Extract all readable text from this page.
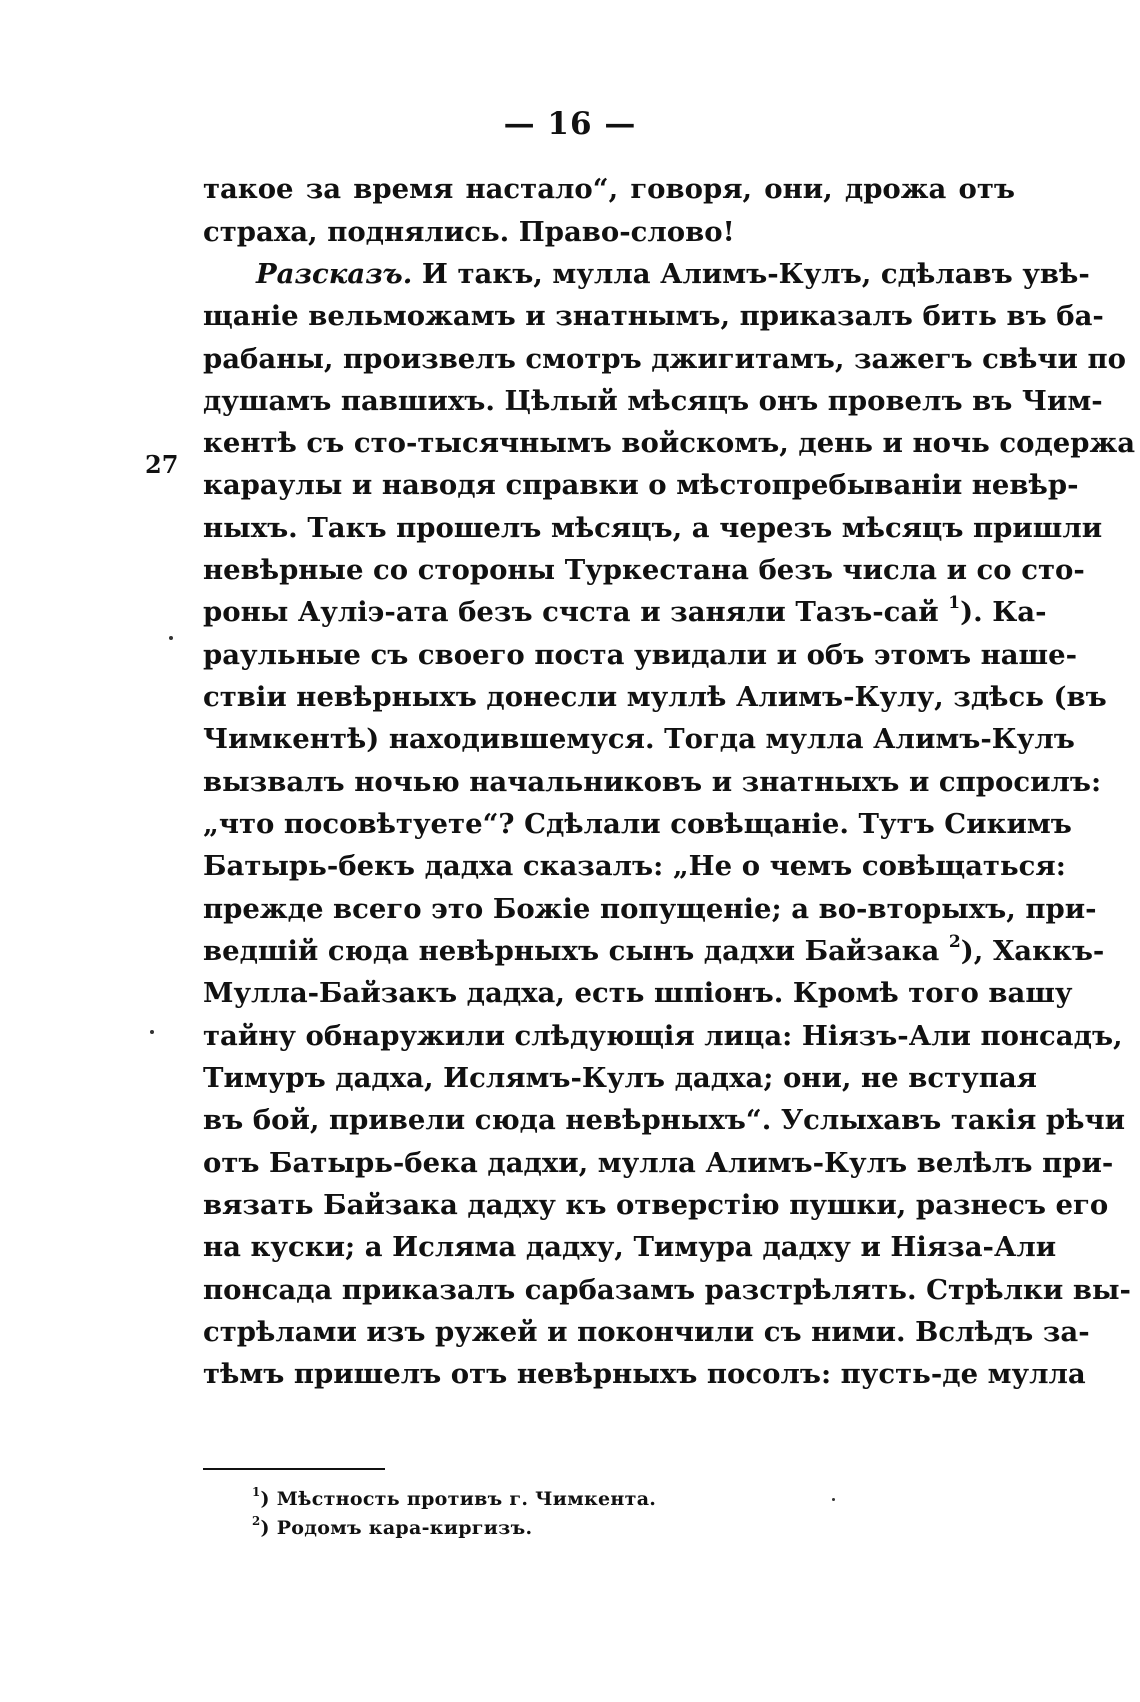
— 16 —
27
такое за время настало“, говоря, они, дрожа отъ
страха, поднялись. Право-слово!
Разсказъ. И такъ, мулла Алимъ-Кулъ, сдѣлавъ увѣ-
щаніе вельможамъ и знатнымъ, приказалъ бить въ ба-
рабаны, произвелъ смотръ джигитамъ, зажегъ свѣчи по
душамъ павшихъ. Цѣлый мѣсяцъ онъ провелъ въ Чим-
кентѣ съ сто-тысячнымъ войскомъ, день и ночь содержа
караулы и наводя справки о мѣстопребываніи невѣр-
ныхъ. Такъ прошелъ мѣсяцъ, а черезъ мѣсяцъ пришли
невѣрные со стороны Туркестана безъ числа и со сто-
роны Ауліэ-ата безъ счста и заняли Тазъ-сай $^1$). Ка-
раульные съ своего поста увидали и объ этомъ наше-
ствіи невѣрныхъ донесли муллѣ Алимъ-Кулу, здѣсь (въ
Чимкентѣ) находившемуся. Тогда мулла Алимъ-Кулъ
вызвалъ ночью начальниковъ и знатныхъ и спросилъ:
„что посовѣтуете“? Сдѣлали совѣщаніе. Тутъ Сикимъ
Батырь-бекъ дадха сказалъ: „Не о чемъ совѣщаться:
прежде всего это Божіе попущеніе; а во-вторыхъ, при-
ведшій сюда невѣрныхъ сынъ дадхи Байзака $^2$), Хаккъ-
Мулла-Байзакъ дадха, есть шпіонъ. Кромѣ того вашу
тайну обнаружили слѣдующія лица: Ніязъ-Али понсадъ,
Тимуръ дадха, Ислямъ-Кулъ дадха; они, не вступая
въ бой, привели сюда невѣрныхъ“. Услыхавъ такія рѣчи
отъ Батырь-бека дадхи, мулла Алимъ-Кулъ велѣлъ при-
вязать Байзака дадху къ отверстію пушки, разнесъ его
на куски; а Исляма дадху, Тимура дадху и Ніяза-Али
понсада приказалъ сарбазамъ разстрѣлять. Стрѣлки вы-
стрѣлами изъ ружей и покончили съ ними. Вслѣдъ за-
тѣмъ пришелъ отъ невѣрныхъ посолъ: пусть-де мулла
$^1$) Мѣстность противъ г. Чимкента.
$^2$) Родомъ кара-киргизъ.
